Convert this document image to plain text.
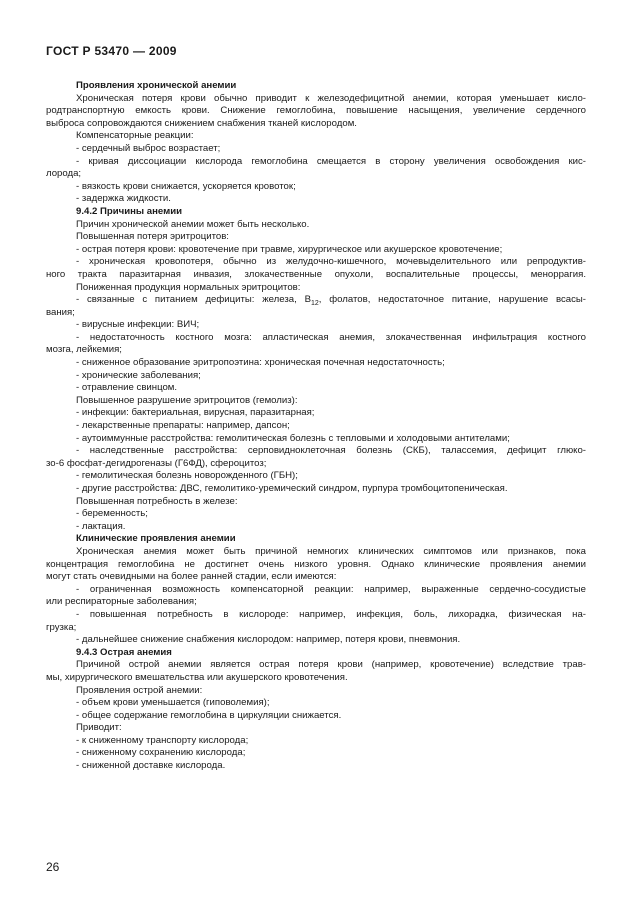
ГОСТ Р 53470 — 2009
Проявления хронической анемии
Хроническая потеря крови обычно приводит к железодефицитной анемии, которая уменьшает кисло-
родтранспортную емкость крови. Снижение гемоглобина, повышение насыщения, увеличение сердечного
выброса сопровождаются снижением снабжения тканей кислородом.
Компенсаторные реакции:
- сердечный выброс возрастает;
- кривая диссоциации кислорода гемоглобина смещается в сторону увеличения освобождения кис-
лорода;
- вязкость крови снижается, ускоряется кровоток;
- задержка жидкости.
9.4.2 Причины анемии
Причин хронической анемии может быть несколько.
Повышенная потеря эритроцитов:
- острая потеря крови: кровотечение при травме, хирургическое или акушерское кровотечение;
- хроническая кровопотеря, обычно из желудочно-кишечного, мочевыделительного или репродуктив-
ного тракта паразитарная инвазия, злокачественные опухоли, воспалительные процессы, меноррагия.
Пониженная продукция нормальных эритроцитов:
- связанные с питанием дефициты: железа, $В_{12}$, фолатов, недостаточное питание, нарушение всасы-
вания;
- вирусные инфекции: ВИЧ;
- недостаточность костного мозга: апластическая анемия, злокачественная инфильтрация костного
мозга, лейкемия;
- сниженное образование эритропоэтина: хроническая почечная недостаточность;
- хронические заболевания;
- отравление свинцом.
Повышенное разрушение эритроцитов (гемолиз):
- инфекции: бактериальная, вирусная, паразитарная;
- лекарственные препараты: например, дапсон;
- аутоиммунные расстройства: гемолитическая болезнь с тепловыми и холодовыми антителами;
- наследственные расстройства: серповидноклеточная болезнь (СКБ), талассемия, дефицит глюко-
зо-6 фосфат-дегидрогеназы (Г6ФД), сфероцитоз;
- гемолитическая болезнь новорожденного (ГБН);
- другие расстройства: ДВС, гемолитико-уремический синдром, пурпура тромбоцитопеническая.
Повышенная потребность в железе:
- беременность;
- лактация.
Клинические проявления анемии
Хроническая анемия может быть причиной немногих клинических симптомов или признаков, пока
концентрация гемоглобина не достигнет очень низкого уровня. Однако клинические проявления анемии
могут стать очевидными на более ранней стадии, если имеются:
- ограниченная возможность компенсаторной реакции: например, выраженные сердечно-сосудистые
или респираторные заболевания;
- повышенная потребность в кислороде: например, инфекция, боль, лихорадка, физическая на-
грузка;
- дальнейшее снижение снабжения кислородом: например, потеря крови, пневмония.
9.4.3 Острая анемия
Причиной острой анемии является острая потеря крови (например, кровотечение) вследствие трав-
мы, хирургического вмешательства или акушерского кровотечения.
Проявления острой анемии:
- объем крови уменьшается (гиповолемия);
- общее содержание гемоглобина в циркуляции снижается.
Приводит:
- к сниженному транспорту кислорода;
- сниженному сохранению кислорода;
- сниженной доставке кислорода.
26
